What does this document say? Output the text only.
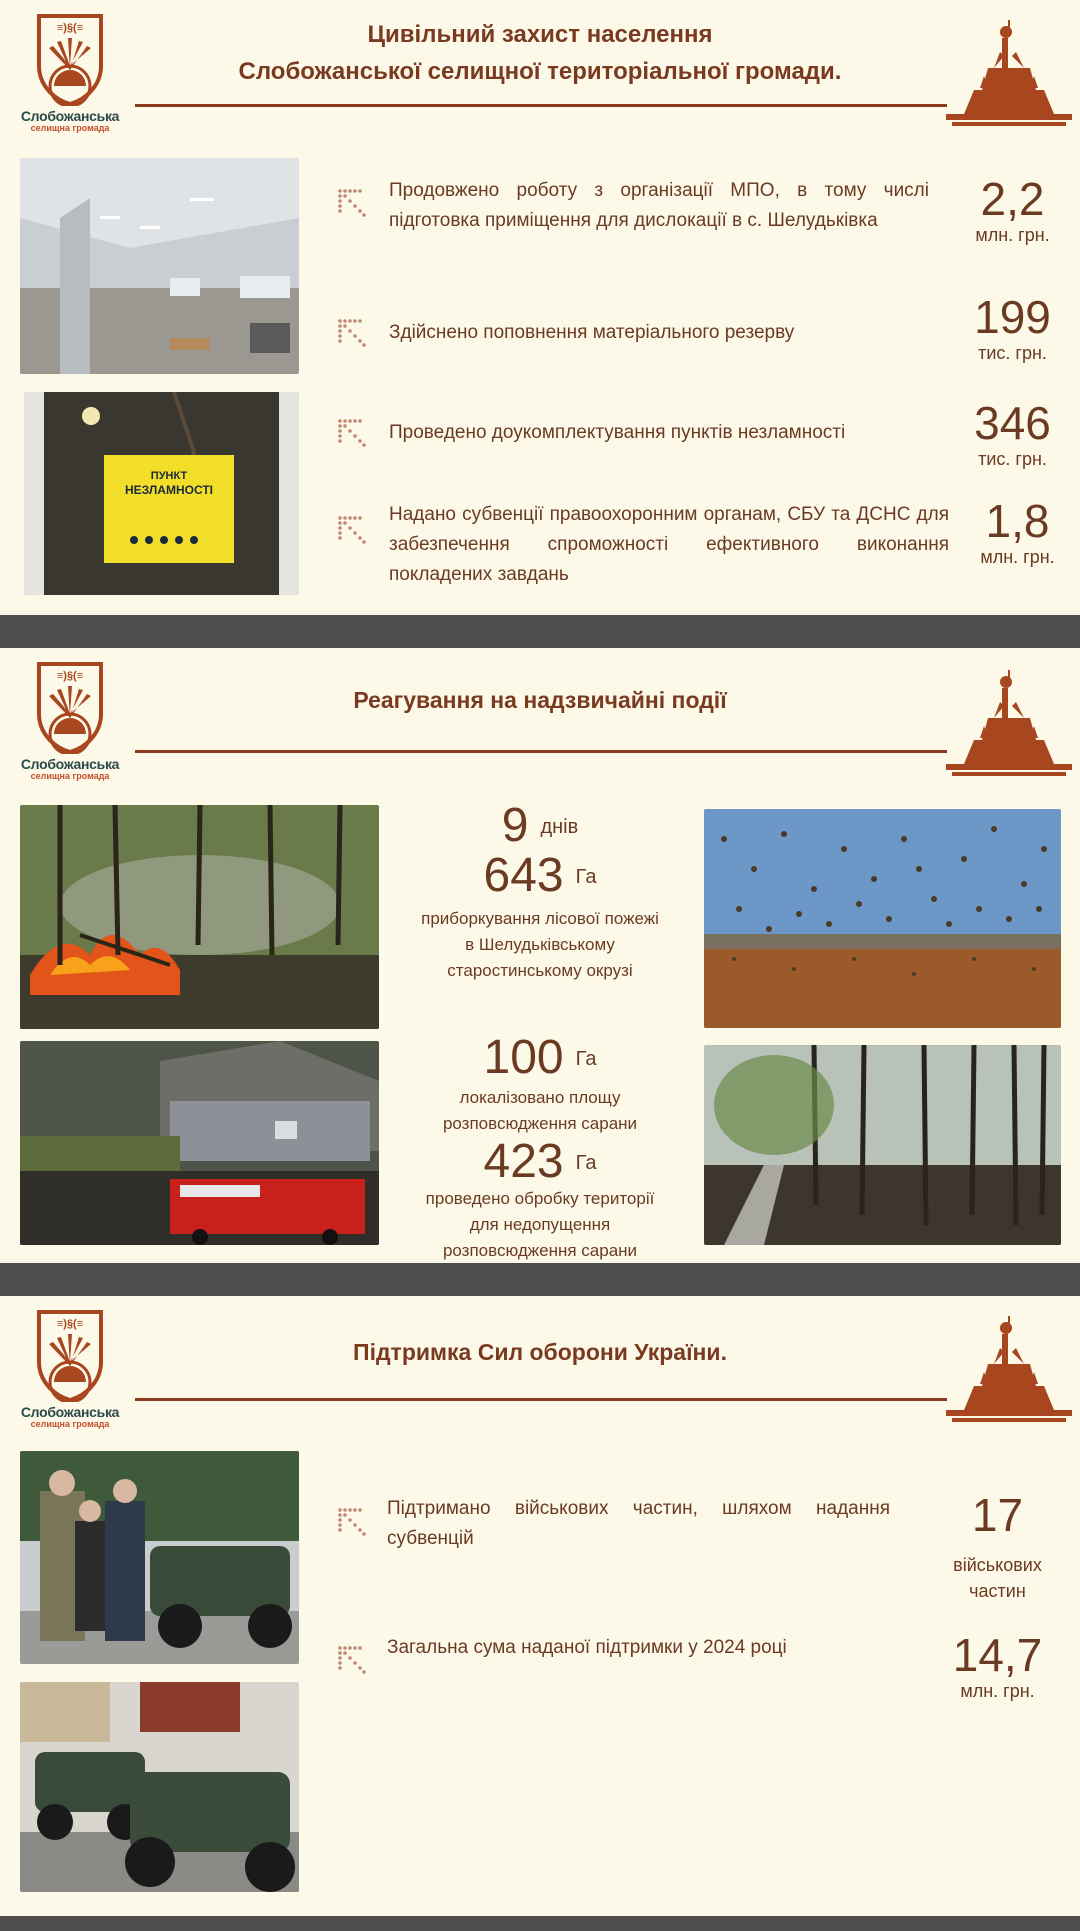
Слобожанська
селищна громада
Цивільний захист населення
Слобожанської селищної територіальної громади.
ПУНКТ
НЕЗЛАМНОСТІ
Продовжено роботу з організації МПО, в тому числі підготовка приміщення для дислокації в с. Шелудьківка	2,2
млн. грн.
Здійснено поповнення матеріального резерву	199
тис. грн.
Проведено доукомплектування пунктів незламності	346
тис. грн.
Надано субвенції правоохоронним органам, СБУ та ДСНС для забезпечення спроможності ефективного виконання покладених завдань
1,8
млн. грн.
Слобожанська
селищна громада
Реагування на надзвичайні події
9 днів
643 Га
приборкування лісової пожежі
в Шелудьківському
старостинському окрузі
100 Га
локалізовано площу
розповсюдження сарани
423 Га
проведено обробку території
для недопущення
розповсюдження сарани
Слобожанська
селищна громада
Підтримка Сил оборони України.
Підтримано військових частин, шляхом надання субвенцій	17
військових
частин
Загальна сума наданої підтримки у 2024 році	14,7
млн. грн.
